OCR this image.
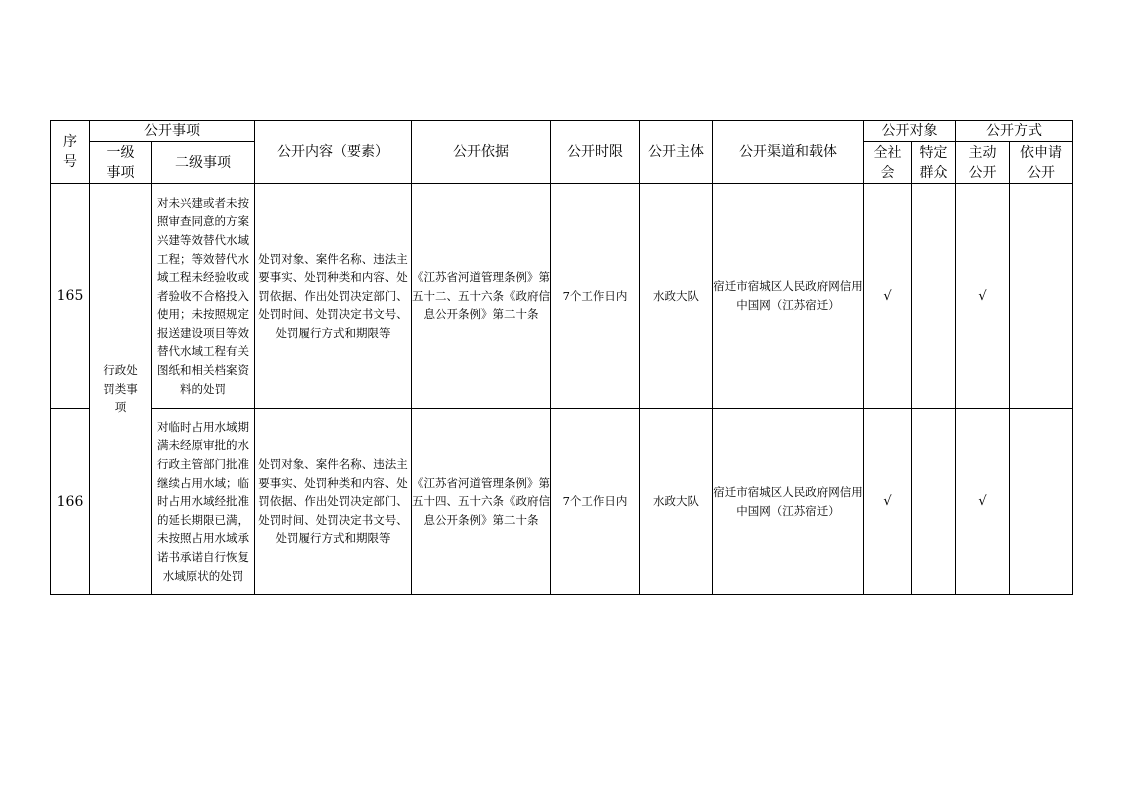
序号	公开事项		公开内容（要素）	公开依据	公开时限	公开主体	公开渠道和载体	公开对象		公开方式	

	一级事项	二级事项						全社会	特定群众	主动公开	依申请公开

165	行政处罚类事项	对未兴建或者未按照审查同意的方案兴建等效替代水域工程；等效替代水域工程未经验收或者验收不合格投入使用；未按照规定报送建设项目等效替代水域工程有关图纸和相关档案资料的处罚	处罚对象、案件名称、违法主要事实、处罚种类和内容、处罚依据、作出处罚决定部门、处罚时间、处罚决定书文号、处罚履行方式和期限等	《江苏省河道管理条例》第五十二、五十六条《政府信息公开条例》第二十条	7个工作日内	水政大队	宿迁市宿城区人民政府网信用中国网（江苏宿迁）	√		√	
166		对临时占用水域期满未经原审批的水行政主管部门批准继续占用水域；临时占用水域经批准的延长期限已满，未按照占用水域承诺书承诺自行恢复水域原状的处罚	处罚对象、案件名称、违法主要事实、处罚种类和内容、处罚依据、作出处罚决定部门、处罚时间、处罚决定书文号、处罚履行方式和期限等	《江苏省河道管理条例》第五十四、五十六条《政府信息公开条例》第二十条	7个工作日内	水政大队	宿迁市宿城区人民政府网信用中国网（江苏宿迁）	√		√	
